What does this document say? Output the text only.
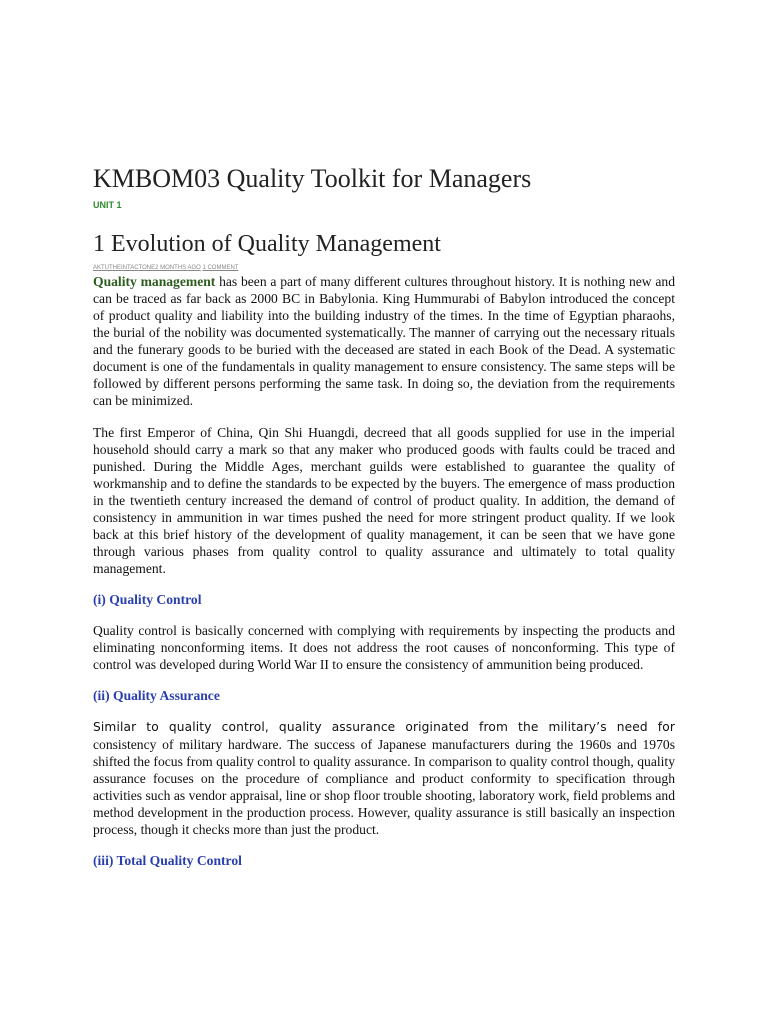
KMBOM03 Quality Toolkit for Managers
UNIT 1
1 Evolution of Quality Management
AKTUTHEINTACTONE2 MONTHS AGO 1 COMMENT

Quality management has been a part of many different cultures throughout history. It is nothing new and can be traced as far back as 2000 BC in Babylonia. King Hummurabi of Babylon introduced the concept of product quality and liability into the building industry of the times. In the time of Egyptian pharaohs, the burial of the nobility was documented systematically. The manner of carrying out the necessary rituals and the funerary goods to be buried with the deceased are stated in each Book of the Dead. A systematic document is one of the fundamentals in quality management to ensure consistency. The same steps will be followed by different persons performing the same task. In doing so, the deviation from the requirements can be minimized.

The first Emperor of China, Qin Shi Huangdi, decreed that all goods supplied for use in the imperial household should carry a mark so that any maker who produced goods with faults could be traced and punished. During the Middle Ages, merchant guilds were established to guarantee the quality of workmanship and to define the standards to be expected by the buyers. The emergence of mass production in the twentieth century increased the demand of control of product quality. In addition, the demand of consistency in ammunition in war times pushed the need for more stringent product quality. If we look back at this brief history of the development of quality management, it can be seen that we have gone through various phases from quality control to quality assurance and ultimately to total quality management.

(i) Quality Control

Quality control is basically concerned with complying with requirements by inspecting the products and eliminating nonconforming items. It does not address the root causes of nonconforming. This type of control was developed during World War II to ensure the consistency of ammunition being produced.

(ii) Quality Assurance

Similar to quality control, quality assurance originated from the military’s need for consistency of military hardware. The success of Japanese manufacturers during the 1960s and 1970s shifted the focus from quality control to quality assurance. In comparison to quality control though, quality assurance focuses on the procedure of compliance and product conformity to specification through activities such as vendor appraisal, line or shop floor trouble shooting, laboratory work, field problems and method development in the production process. However, quality assurance is still basically an inspection process, though it checks more than just the product.

(iii) Total Quality Control
